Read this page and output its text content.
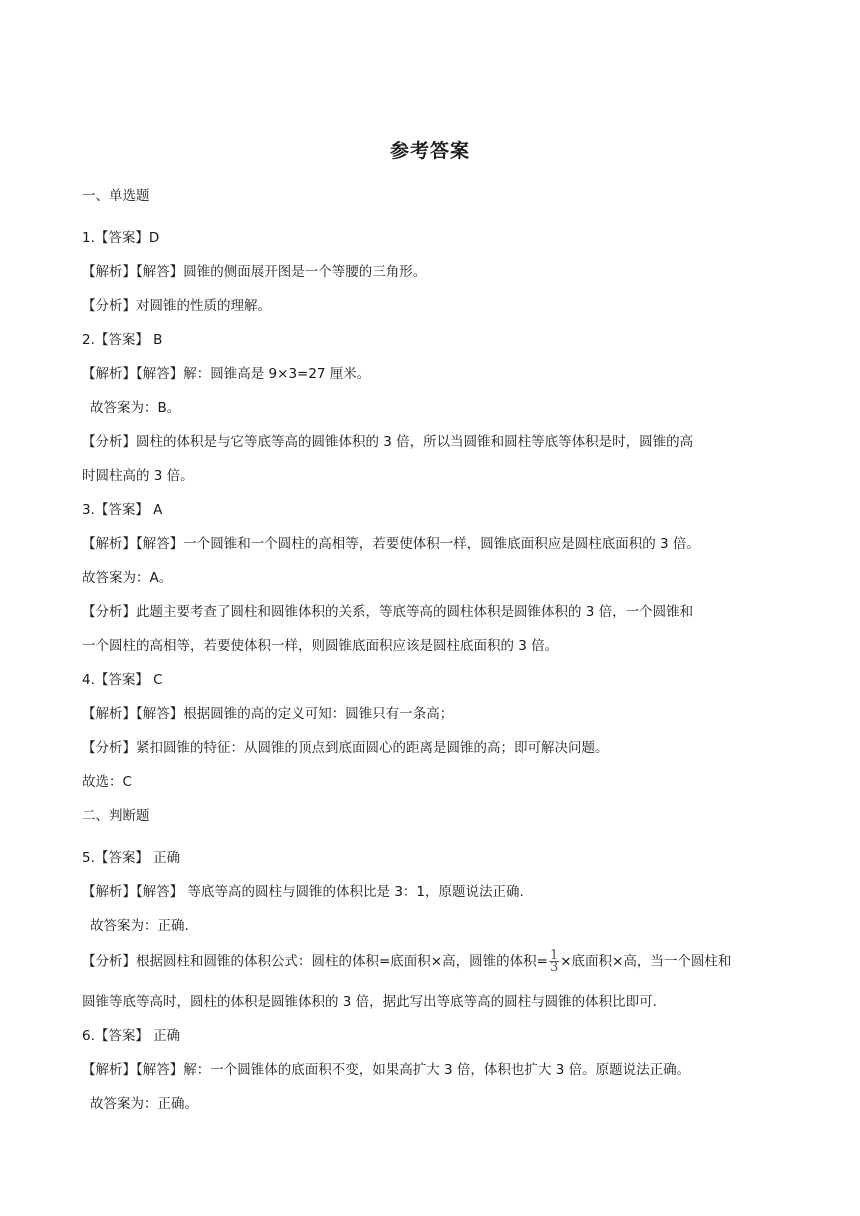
参考答案
一、单选题
1.【答案】D
【解析】【解答】圆锥的侧面展开图是一个等腰的三角形。
【分析】对圆锥的性质的理解。
2.【答案】 B
【解析】【解答】解：圆锥高是 9×3=27 厘米。
故答案为：B。
【分析】圆柱的体积是与它等底等高的圆锥体积的 3 倍，所以当圆锥和圆柱等底等体积是时，圆锥的高
时圆柱高的 3 倍。
3.【答案】 A
【解析】【解答】一个圆锥和一个圆柱的高相等，若要使体积一样，圆锥底面积应是圆柱底面积的 3 倍。
故答案为：A。
【分析】此题主要考查了圆柱和圆锥体积的关系，等底等高的圆柱体积是圆锥体积的 3 倍，一个圆锥和
一个圆柱的高相等，若要使体积一样，则圆锥底面积应该是圆柱底面积的 3 倍。
4.【答案】 C
【解析】【解答】根据圆锥的高的定义可知：圆锥只有一条高；
【分析】紧扣圆锥的特征：从圆锥的顶点到底面圆心的距离是圆锥的高；即可解决问题。
故选：C
二、判断题
5.【答案】 正确
【解析】【解答】 等底等高的圆柱与圆锥的体积比是 3：1，原题说法正确.
故答案为：正确.
【分析】根据圆柱和圆锥的体积公式：圆柱的体积=底面积×高，圆锥的体积= $\frac{1}{3}$ ×底面积×高，当一个圆柱和
圆锥等底等高时，圆柱的体积是圆锥体积的 3 倍，据此写出等底等高的圆柱与圆锥的体积比即可.
6.【答案】 正确
【解析】【解答】解：一个圆锥体的底面积不变，如果高扩大 3 倍，体积也扩大 3 倍。原题说法正确。
故答案为：正确。
